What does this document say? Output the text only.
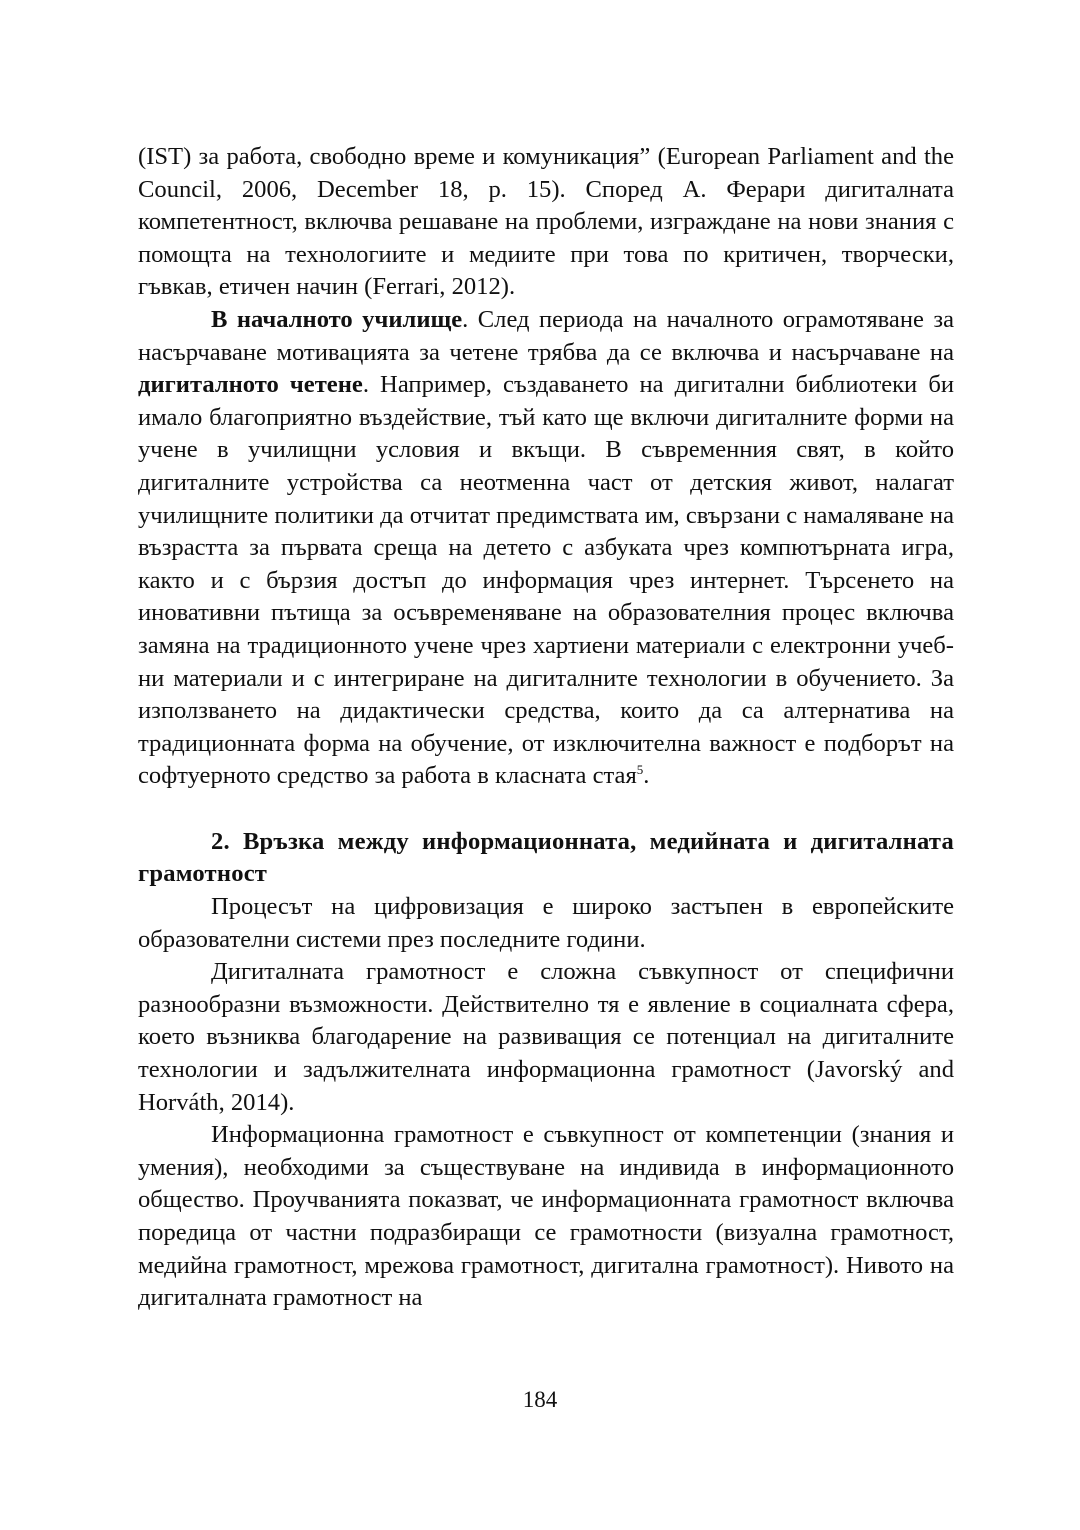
(IST) за работа, свободно време и комуникация” (European Parliament and the Council, 2006, December 18, p. 15). Според А. Ферари дигиталната компетентност, включва решаване на проблеми, изграждане на нови знания с помощта на технологиите и медиите при това по критичен, творчески, гъвкав, етичен начин (Ferrari, 2012).

В началното училище. След периода на началното ограмотяване за насърчаване мотивацията за четене трябва да се включва и насърчаване на дигиталното четене. Например, създаването на дигитални библиотеки би имало благоприятно въздействие, тъй като ще включи дигиталните форми на учене в училищни условия и вкъщи. В съвременния свят, в който дигиталните устройства са неотменна част от детския живот, налагат училищните политики да отчитат предимствата им, свързани с намаляване на възрастта за първата среща на детето с азбуката чрез компютърната игра, както и с бързия достъп до информация чрез интернет. Търсенето на иновативни пътища за осъвременяване на образователния процес включва замяна на традиционното учене чрез хартиени материали с електронни учебни материали и с интегриране на дигиталните технологии в обучението. За използването на дидактически средства, които да са алтернатива на традиционната форма на обучение, от изключителна важност е подборът на софтуерното средство за работа в класната стая$^5$.

2. Връзка между информационната, медийната и дигиталната грамотност

Процесът на цифровизация е широко застъпен в европейските образователни системи през последните години.

Дигиталната грамотност е сложна съвкупност от специфични разнообразни възможности. Действително тя е явление в социалната сфера, което възниква благодарение на развиващия се потенциал на дигиталните технологии и задължителната информационна грамотност (Javorský and Horváth, 2014).

Информационна грамотност е съвкупност от компетенции (знания и умения), необходими за съществуване на индивида в информационното общество. Проучванията показват, че информационната грамотност включва поредица от частни подразбиращи се грамотности (визуална грамотност, медийна грамотност, мрежова грамотност, дигитална грамотност). Нивото на дигиталната грамотност на

184
